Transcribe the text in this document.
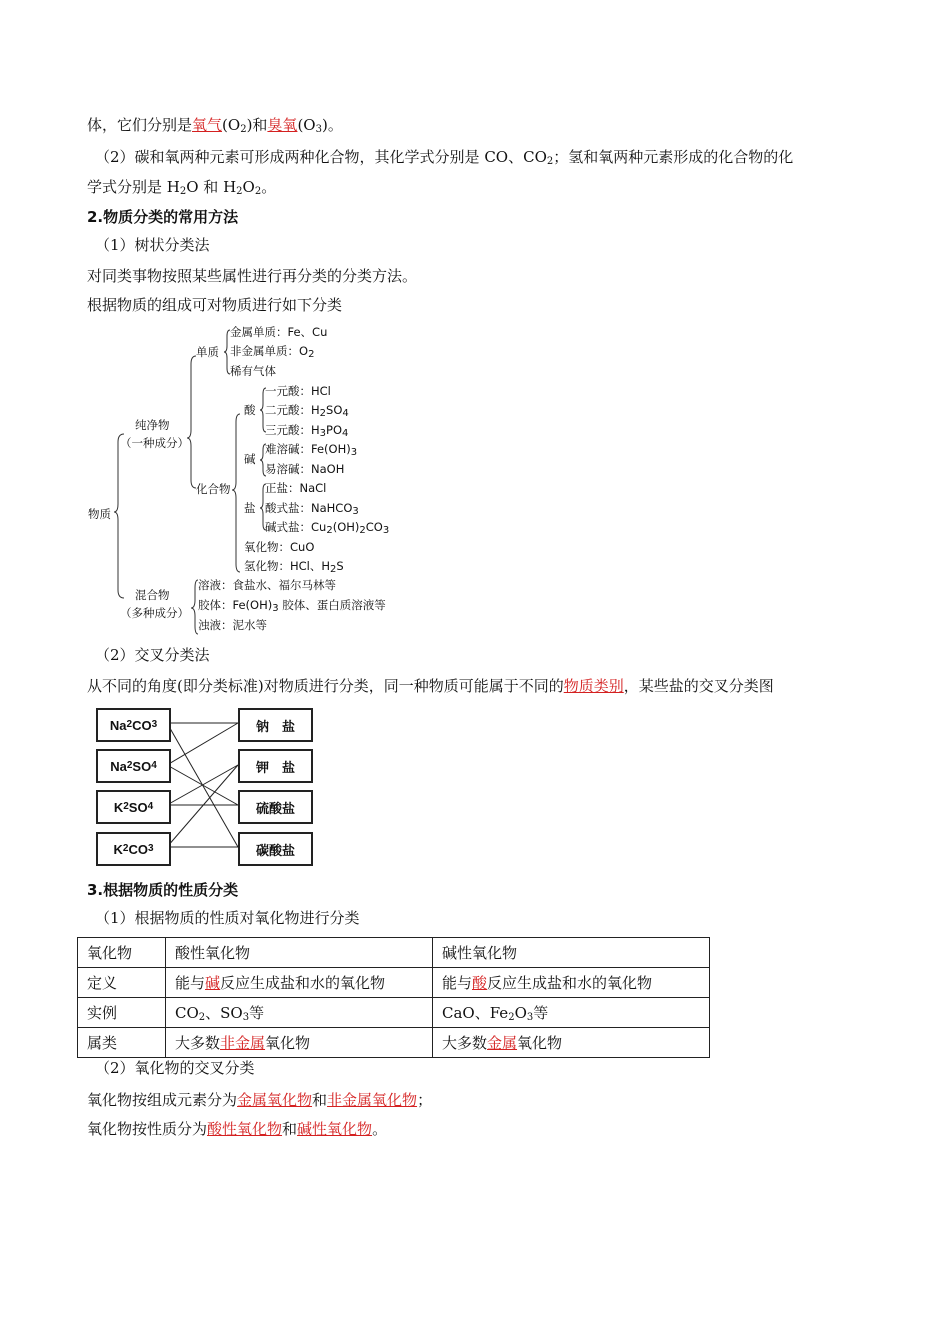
体，它们分别是氧气$(O_2)$和臭氧$(O_3)$。
（2）碳和氧两种元素可形成两种化合物，其化学式分别是 CO、$CO_2$；氢和氧两种元素形成的化合物的化
学式分别是 $H_2O$ 和 $H_2O_2$。
2.物质分类的常用方法
（1）树状分类法
对同类事物按照某些属性进行再分类的分类方法。
根据物质的组成可对物质进行如下分类
物质
纯净物
（一种成分）
混合物
（多种成分）
单质
化合物
金属单质：Fe、Cu
非金属单质：$O_2$
稀有气体
酸
一元酸：HCl
二元酸：$H_2SO_4$
三元酸：$H_3PO_4$
碱
难溶碱：$Fe(OH)_3$
易溶碱：NaOH
盐
正盐：NaCl
酸式盐：NaHCO$_3$
碱式盐：$Cu_2(OH)_2CO_3$
氧化物：CuO
氢化物：HCl、$H_2S$
溶液：食盐水、福尔马林等
胶体：$Fe(OH)_3$ 胶体、蛋白质溶液等
浊液：泥水等
（2）交叉分类法
从不同的角度(即分类标准)对物质进行分类，同一种物质可能属于不同的物质类别，某些盐的交叉分类图
Na 2 CO 3
Na 2 SO 4
K 2 SO 4
K 2 CO 3
钠　盐
钾　盐
硫酸盐
碳酸盐
3.根据物质的性质分类
（1）根据物质的性质对氧化物进行分类
氧化物	酸性氧化物	碱性氧化物
定义	能与碱反应生成盐和水的氧化物	能与酸反应生成盐和水的氧化物
实例	$CO_2$、$SO_3$等	CaO、$Fe_2O_3$等
属类	大多数非金属氧化物	大多数金属氧化物
（2）氧化物的交叉分类
氧化物按组成元素分为金属氧化物和非金属氧化物；
氧化物按性质分为酸性氧化物和碱性氧化物。
